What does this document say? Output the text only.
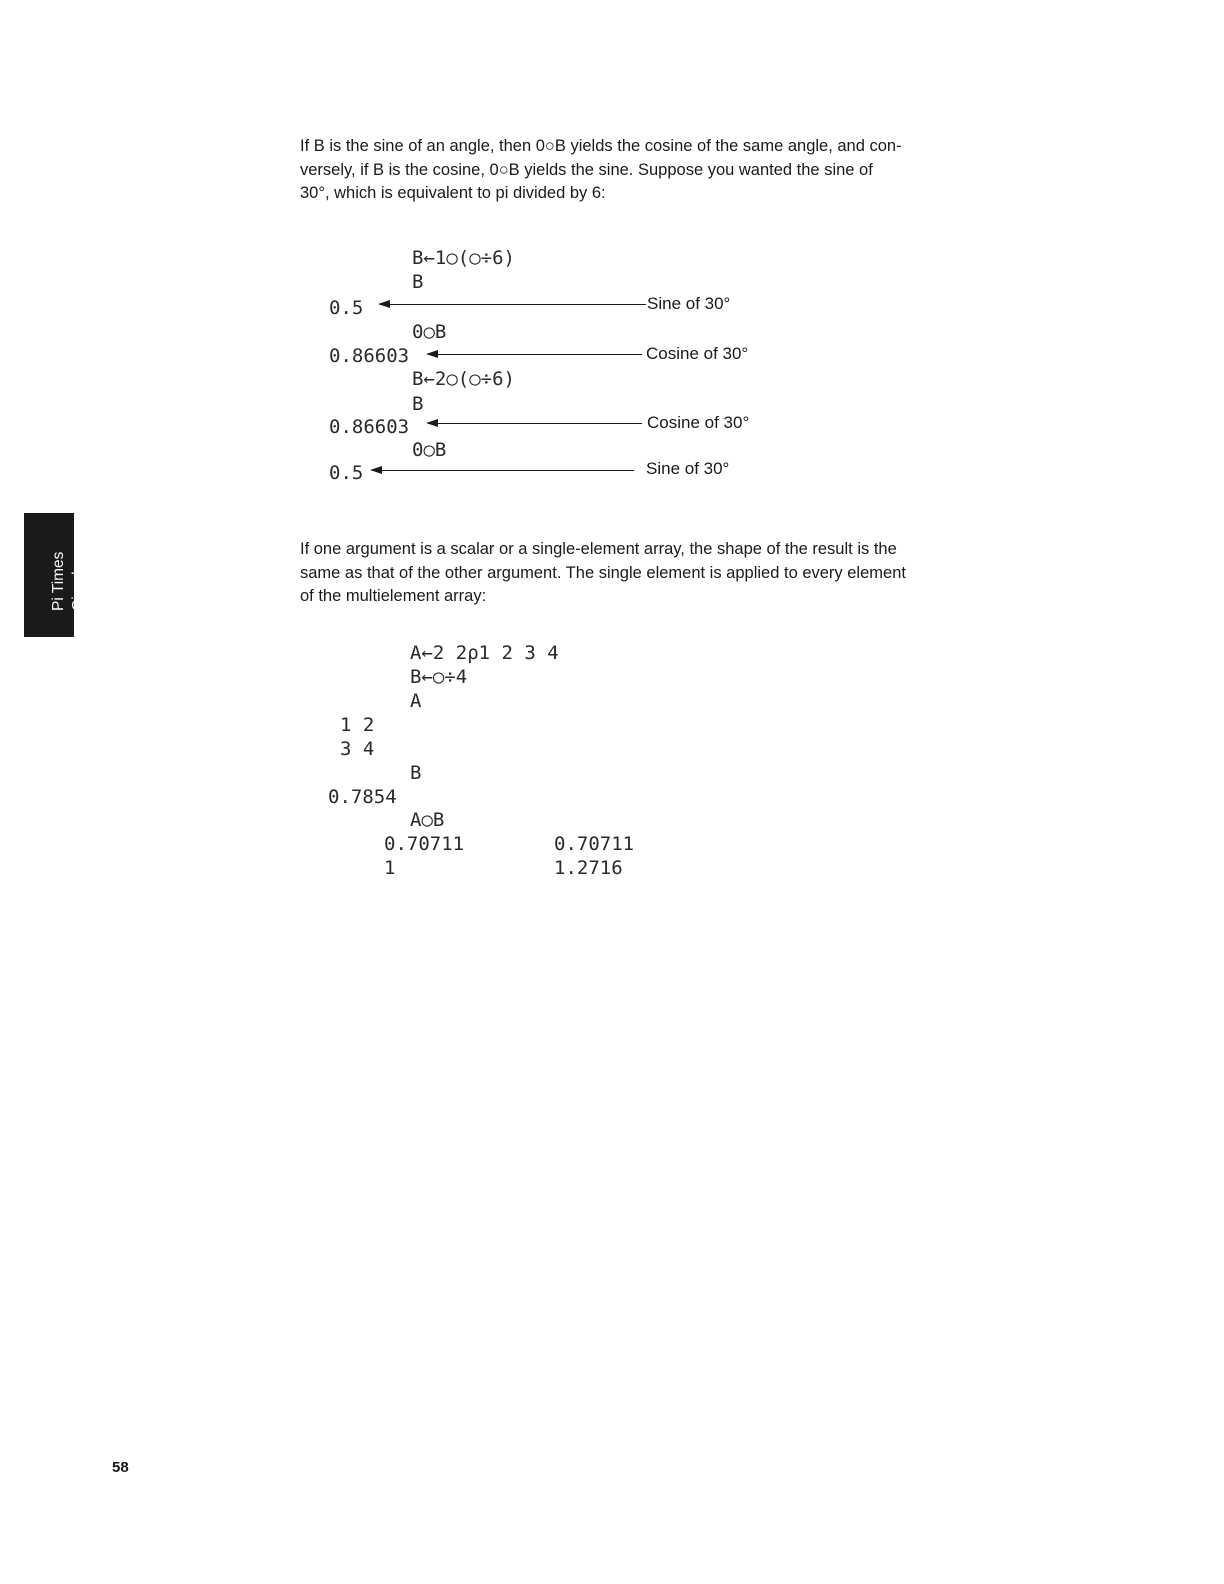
If B is the sine of an angle, then 0○B yields the cosine of the same angle, and con-
versely, if B is the cosine, 0○B yields the sine. Suppose you wanted the sine of
30°, which is equivalent to pi divided by 6:
B←1○(○÷6)
B
0.5	Sine of 30°
0○B
0.86603	Cosine of 30°
B←2○(○÷6)
B
0.86603	Cosine of 30°
0○B
0.5	Sine of 30°
If one argument is a scalar or a single-element array, the shape of the result is the
same as that of the other argument. The single element is applied to every element
of the multielement array:
A←2 2⍴1 2 3 4
B←○÷4
A
1 2
3 4
B
0.7854
A○B
0.70711	0.70711
1	1.2716
Pi Times Circular
58
